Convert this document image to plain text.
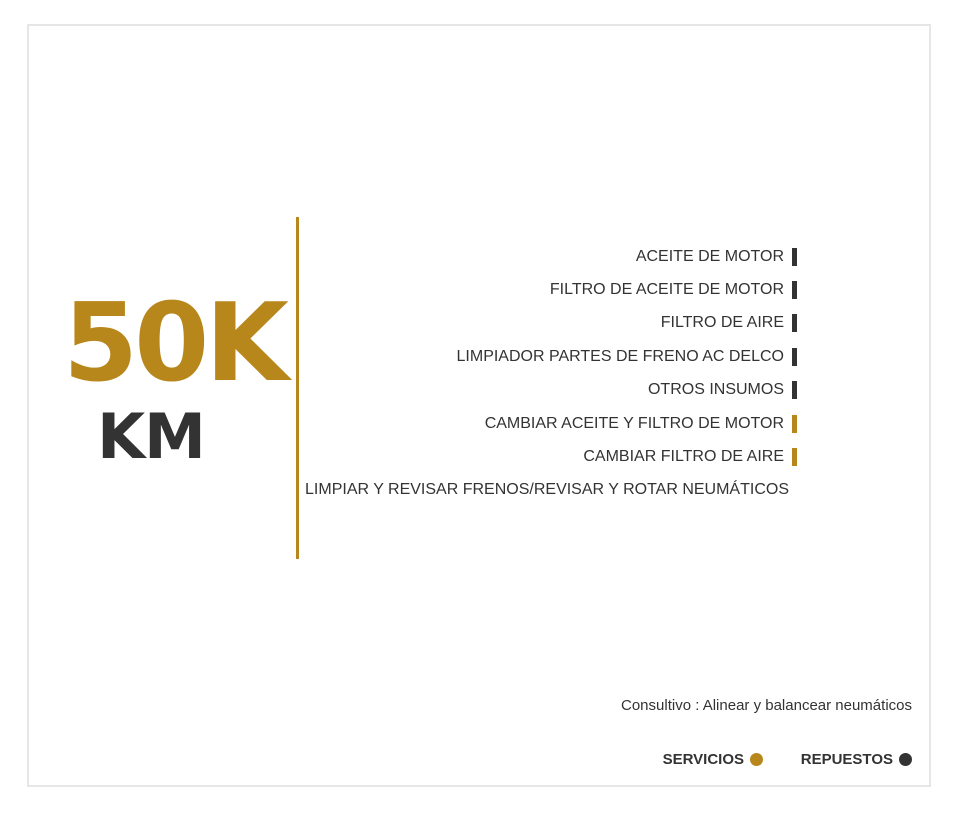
50K
KM
ACEITE DE MOTOR
FILTRO DE ACEITE DE MOTOR
FILTRO DE AIRE
LIMPIADOR PARTES DE FRENO AC DELCO
OTROS INSUMOS
CAMBIAR ACEITE Y FILTRO DE MOTOR
CAMBIAR FILTRO DE AIRE
LIMPIAR Y REVISAR FRENOS/REVISAR Y ROTAR NEUMÁTICOS
Consultivo : Alinear y balancear neumáticos
SERVICIOS	REPUESTOS
